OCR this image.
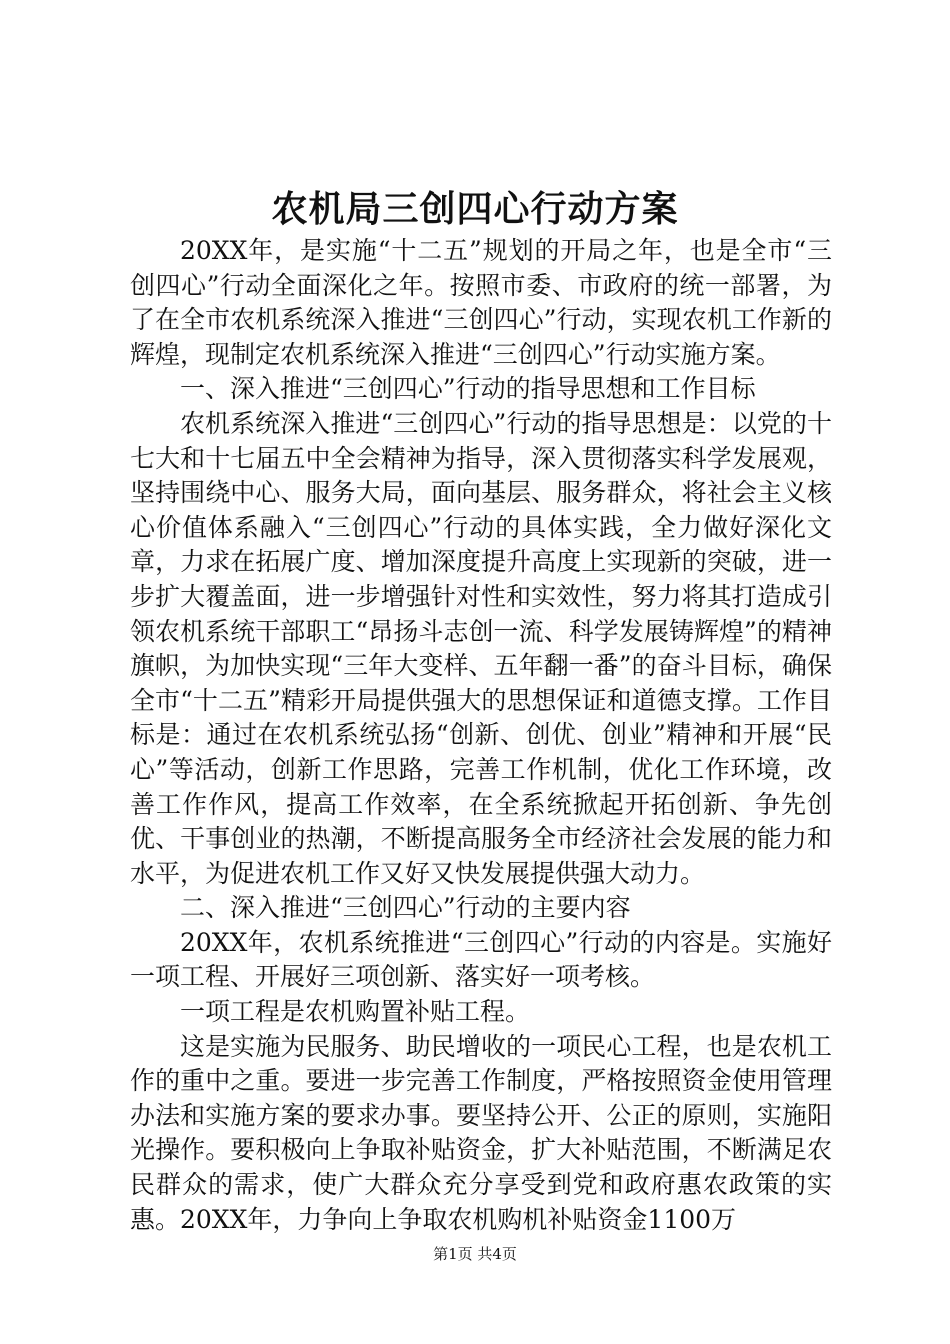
农机局三创四心行动方案

20XX年，是实施“十二五”规划的开局之年，也是全市“三创四心”行动全面深化之年。按照市委、市政府的统一部署，为了在全市农机系统深入推进“三创四心”行动，实现农机工作新的辉煌，现制定农机系统深入推进“三创四心”行动实施方案。

一、深入推进“三创四心”行动的指导思想和工作目标

农机系统深入推进“三创四心”行动的指导思想是：以党的十七大和十七届五中全会精神为指导，深入贯彻落实科学发展观，坚持围绕中心、服务大局，面向基层、服务群众，将社会主义核心价值体系融入“三创四心”行动的具体实践，全力做好深化文章，力求在拓展广度、增加深度提升高度上实现新的突破，进一步扩大覆盖面，进一步增强针对性和实效性，努力将其打造成引领农机系统干部职工“昂扬斗志创一流、科学发展铸辉煌”的精神旗帜，为加快实现“三年大变样、五年翻一番”的奋斗目标，确保全市“十二五”精彩开局提供强大的思想保证和道德支撑。工作目标是：通过在农机系统弘扬“创新、创优、创业”精神和开展“民心”等活动，创新工作思路，完善工作机制，优化工作环境，改善工作作风，提高工作效率，在全系统掀起开拓创新、争先创优、干事创业的热潮，不断提高服务全市经济社会发展的能力和水平，为促进农机工作又好又快发展提供强大动力。

二、深入推进“三创四心”行动的主要内容

20XX年，农机系统推进“三创四心”行动的内容是。实施好一项工程、开展好三项创新、落实好一项考核。

一项工程是农机购置补贴工程。

这是实施为民服务、助民增收的一项民心工程，也是农机工作的重中之重。要进一步完善工作制度，严格按照资金使用管理办法和实施方案的要求办事。要坚持公开、公正的原则，实施阳光操作。要积极向上争取补贴资金，扩大补贴范围，不断满足农民群众的需求，使广大群众充分享受到党和政府惠农政策的实惠。20XX年，力争向上争取农机购机补贴资金1100万

第1页 共4页
